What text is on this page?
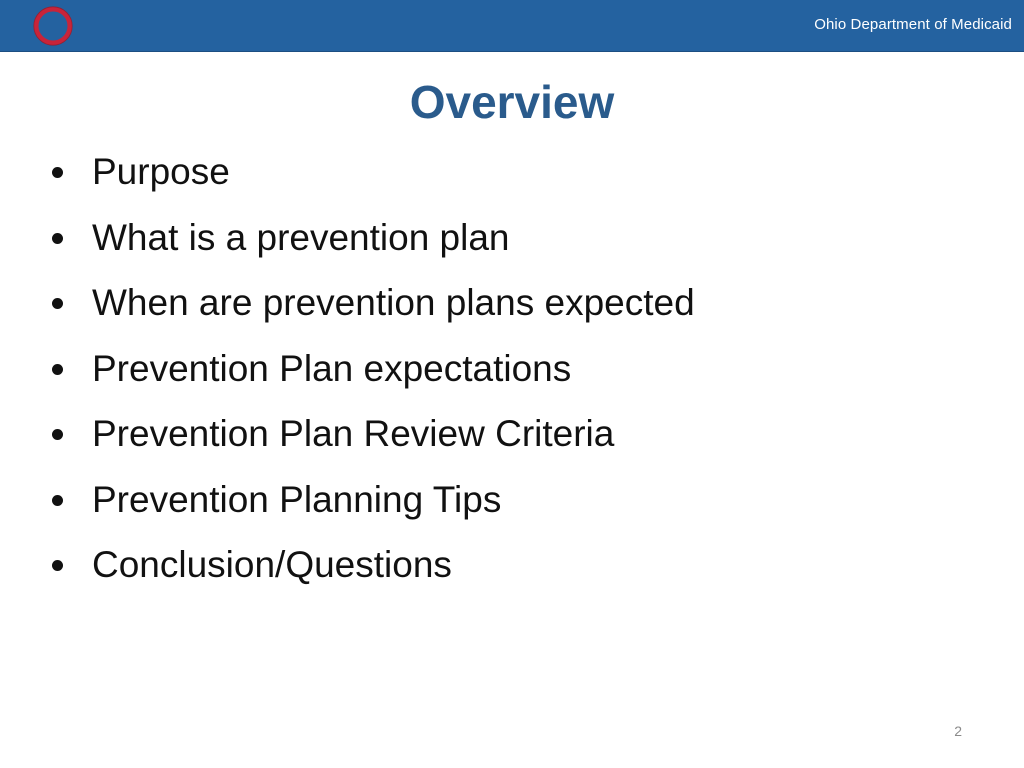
Ohio Department of Medicaid
Overview
Purpose
What is a prevention plan
When are prevention plans expected
Prevention Plan expectations
Prevention Plan Review Criteria
Prevention Planning Tips
Conclusion/Questions
2
